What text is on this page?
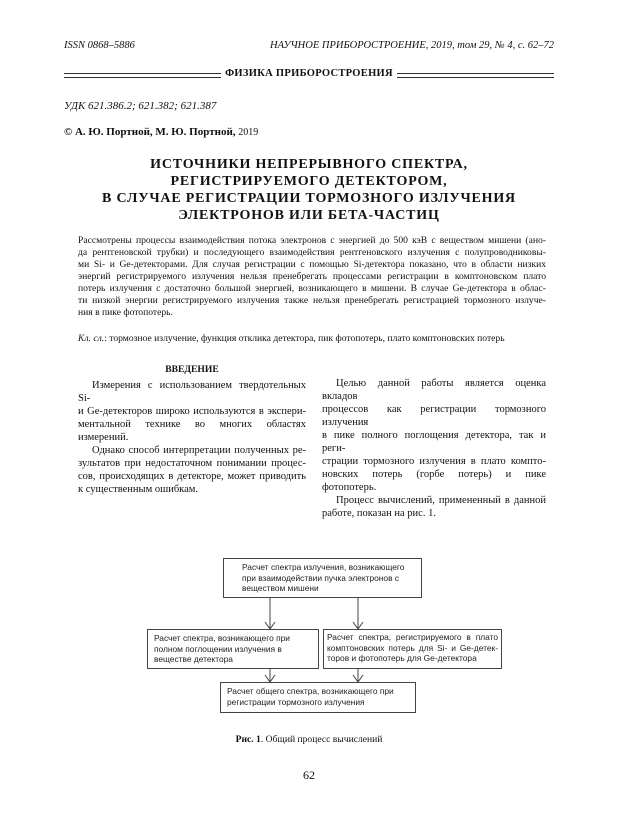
ISSN 0868–5886	НАУЧНОЕ ПРИБОРОСТРОЕНИЕ, 2019, том 29, № 4, с. 62–72
ФИЗИКА ПРИБОРОСТРОЕНИЯ
УДК 621.386.2; 621.382; 621.387
© А. Ю. Портной, М. Ю. Портной, 2019
ИСТОЧНИКИ НЕПРЕРЫВНОГО СПЕКТРА,
РЕГИСТРИРУЕМОГО ДЕТЕКТОРОМ,
В СЛУЧАЕ РЕГИСТРАЦИИ ТОРМОЗНОГО ИЗЛУЧЕНИЯ
ЭЛЕКТРОНОВ ИЛИ БЕТА-ЧАСТИЦ
Рассмотрены процессы взаимодействия потока электронов с энергией до 500 кэВ с веществом мишени (ано-
да рентгеновской трубки) и последующего взаимодействия рентгеновского излучения с полупроводниковы-
ми Si- и Ge-детекторами. Для случая регистрации с помощью Si-детектора показано, что в области низких
энергий регистрируемого излучения нельзя пренебрегать процессами регистрации в комптоновском плато
потерь излучения с достаточно большой энергией, возникающего в мишени. В случае Ge-детектора в облас-
ти низкой энергии регистрируемого излучения также нельзя пренебрегать регистрацией тормозного излуче-
ния в пике фотопотерь.
Кл. сл.: тормозное излучение, функция отклика детектора, пик фотопотерь, плато комптоновских потерь
ВВЕДЕНИЕ
Измерения с использованием твердотельных Si-
и Ge-детекторов широко используются в экспери-
ментальной технике во многих областях измерений.
Однако способ интерпретации полученных ре-
зультатов при недостаточном понимании процес-
сов, происходящих в детекторе, может приводить
к существенным ошибкам.
Целью данной работы является оценка вкладов
процессов как регистрации тормозного излучения
в пике полного поглощения детектора, так и реги-
страции тормозного излучения в плато компто-
новских потерь (горбе потерь) и пике фотопотерь.
Процесс вычислений, примененный в данной
работе, показан на рис. 1.
Расчет спектра излучения, возникающего при взаимодействии пучка электронов с веществом мишени
Расчет спектра, возникающего при полном поглощении излучения в веществе детектора
Расчет спектра, регистрируемого в плато комптоновских потерь для Si- и Ge-детек-торов и фотопотерь для Ge-детектора
Расчет общего спектра, возникающего при регистрации тормозного излучения
Рис. 1. Общий процесс вычислений
62
